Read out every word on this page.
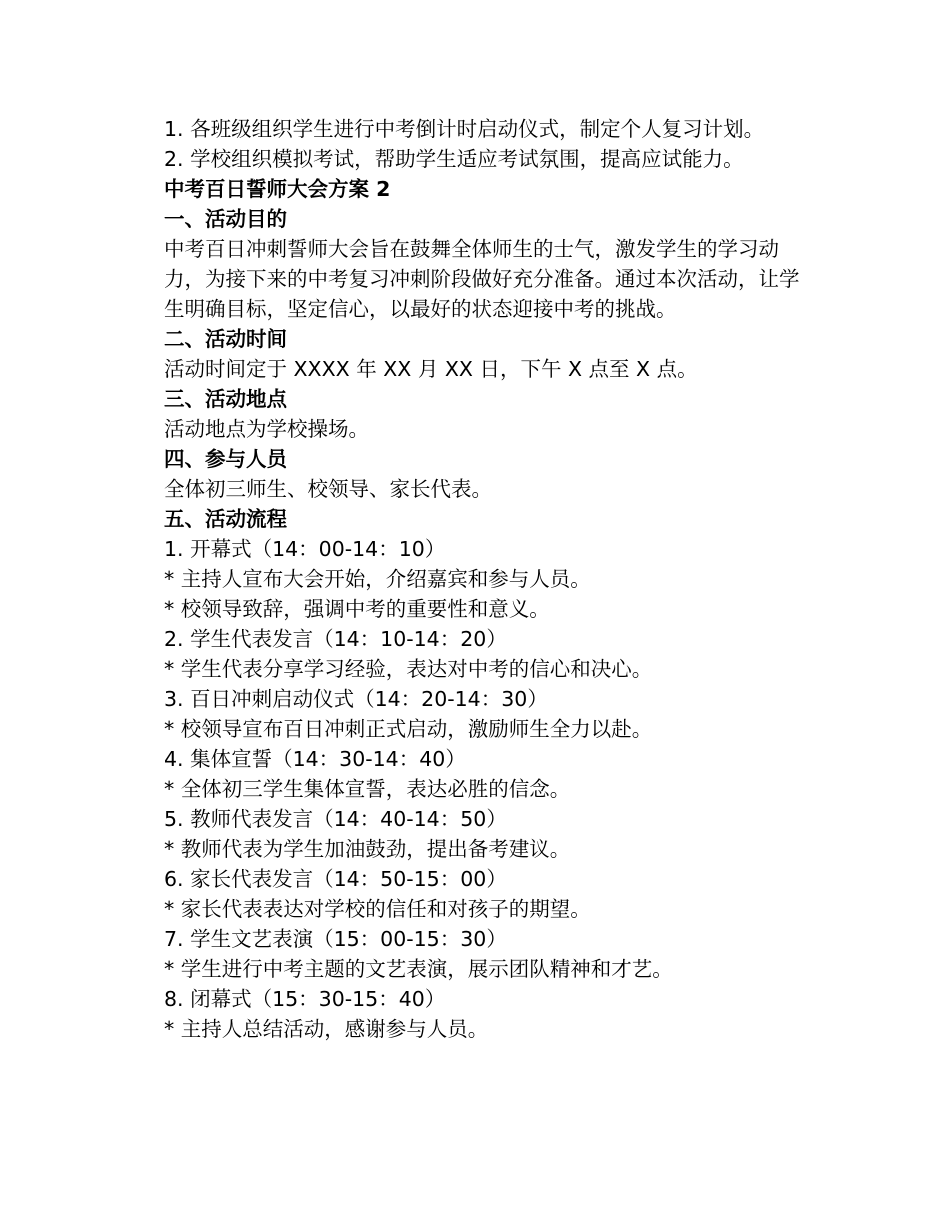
1. 各班级组织学生进行中考倒计时启动仪式，制定个人复习计划。
2. 学校组织模拟考试，帮助学生适应考试氛围，提高应试能力。
中考百日誓师大会方案 2
一、活动目的
中考百日冲刺誓师大会旨在鼓舞全体师生的士气，激发学生的学习动力，为接下来的中考复习冲刺阶段做好充分准备。通过本次活动，让学生明确目标，坚定信心，以最好的状态迎接中考的挑战。
二、活动时间
活动时间定于 XXXX 年 XX 月 XX 日，下午 X 点至 X 点。
三、活动地点
活动地点为学校操场。
四、参与人员
全体初三师生、校领导、家长代表。
五、活动流程
1. 开幕式（14：00-14：10）
* 主持人宣布大会开始，介绍嘉宾和参与人员。
* 校领导致辞，强调中考的重要性和意义。
2. 学生代表发言（14：10-14：20）
* 学生代表分享学习经验，表达对中考的信心和决心。
3. 百日冲刺启动仪式（14：20-14：30）
* 校领导宣布百日冲刺正式启动，激励师生全力以赴。
4. 集体宣誓（14：30-14：40）
* 全体初三学生集体宣誓，表达必胜的信念。
5. 教师代表发言（14：40-14：50）
* 教师代表为学生加油鼓劲，提出备考建议。
6. 家长代表发言（14：50-15：00）
* 家长代表表达对学校的信任和对孩子的期望。
7. 学生文艺表演（15：00-15：30）
* 学生进行中考主题的文艺表演，展示团队精神和才艺。
8. 闭幕式（15：30-15：40）
* 主持人总结活动，感谢参与人员。
